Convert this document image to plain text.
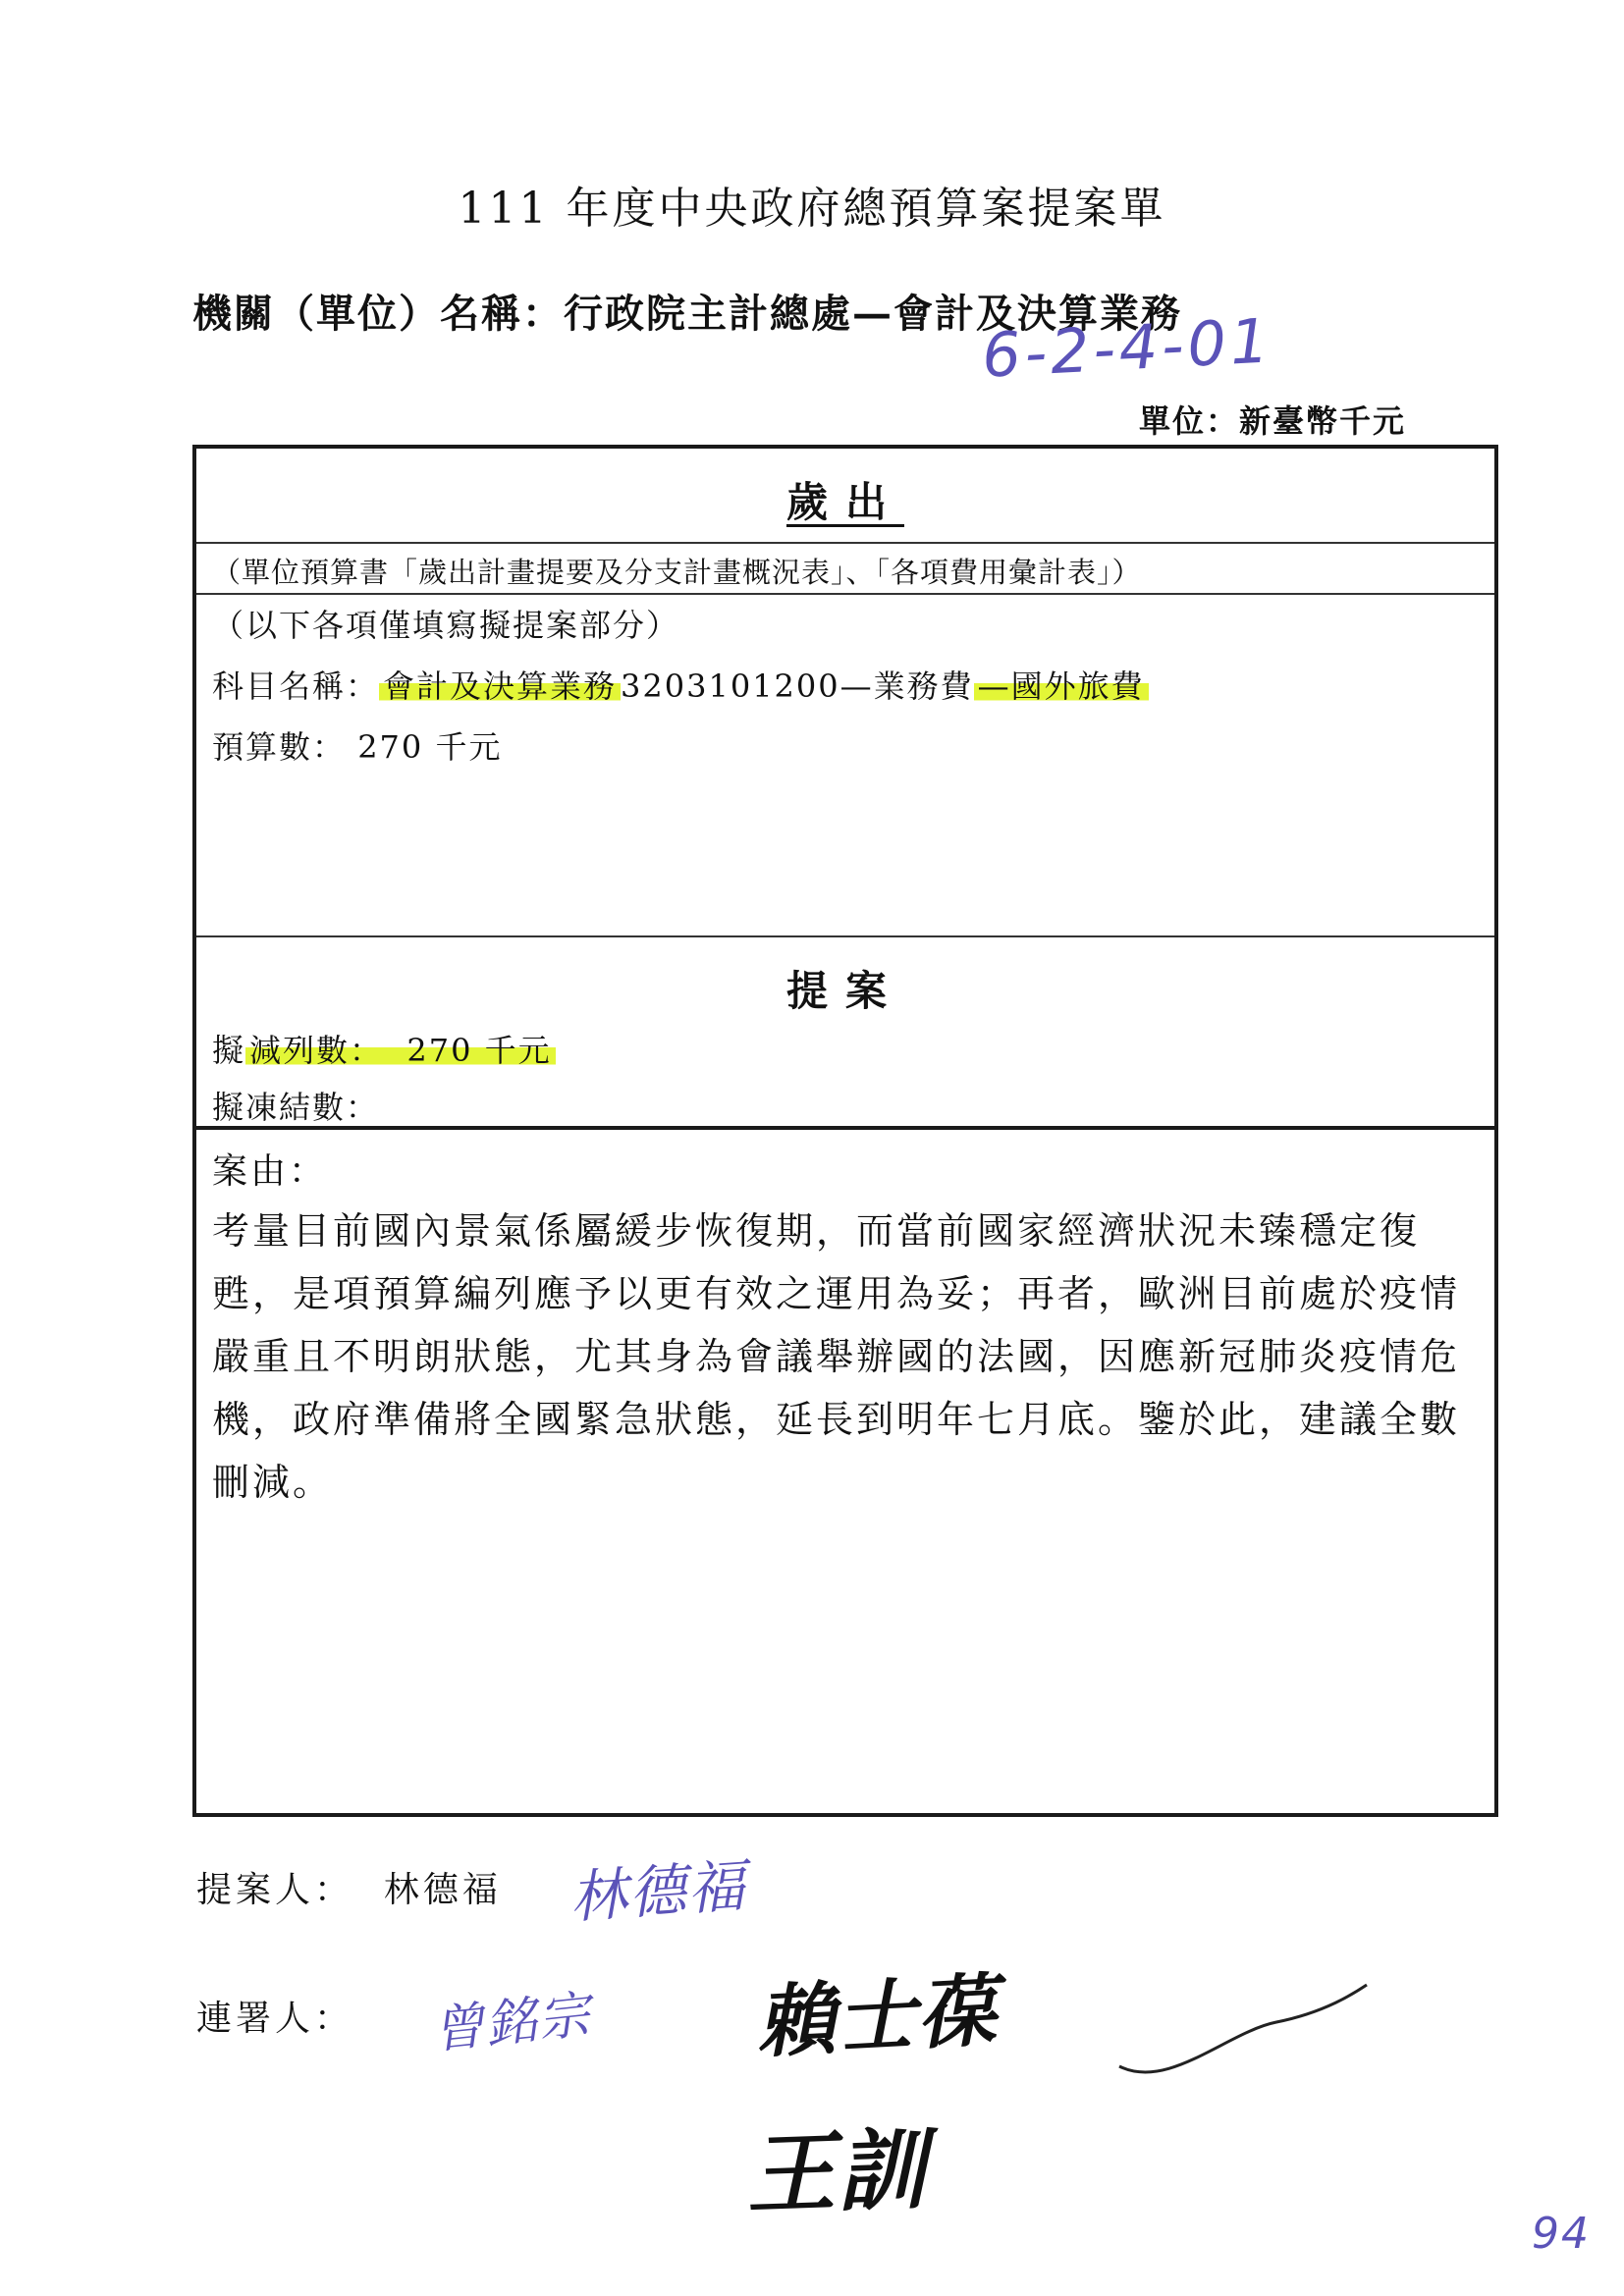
111 年度中央政府總預算案提案單
機關（單位）名稱：行政院主計總處—會計及決算業務
6-2-4-01
單位：新臺幣千元
歲出
（單位預算書「歲出計畫提要及分支計畫概況表」、「各項費用彙計表」）
（以下各項僅填寫擬提案部分）
科目名稱： 會計及決算業務 3203101200—業務費 —國外旅費
預算數： 270 千元
提案
擬 減列數： 270 千元
擬凍結數：
案由：
考量目前國內景氣係屬緩步恢復期，而當前國家經濟狀況未臻穩定復甦，是項預算編列應予以更有效之運用為妥；再者，歐洲目前處於疫情嚴重且不明朗狀態，尤其身為會議舉辦國的法國，因應新冠肺炎疫情危機，政府準備將全國緊急狀態，延長到明年七月底。鑒於此，建議全數刪減。
提案人： 林德福 林德福
連署人： 曾銘宗 賴士葆
王訓
94
